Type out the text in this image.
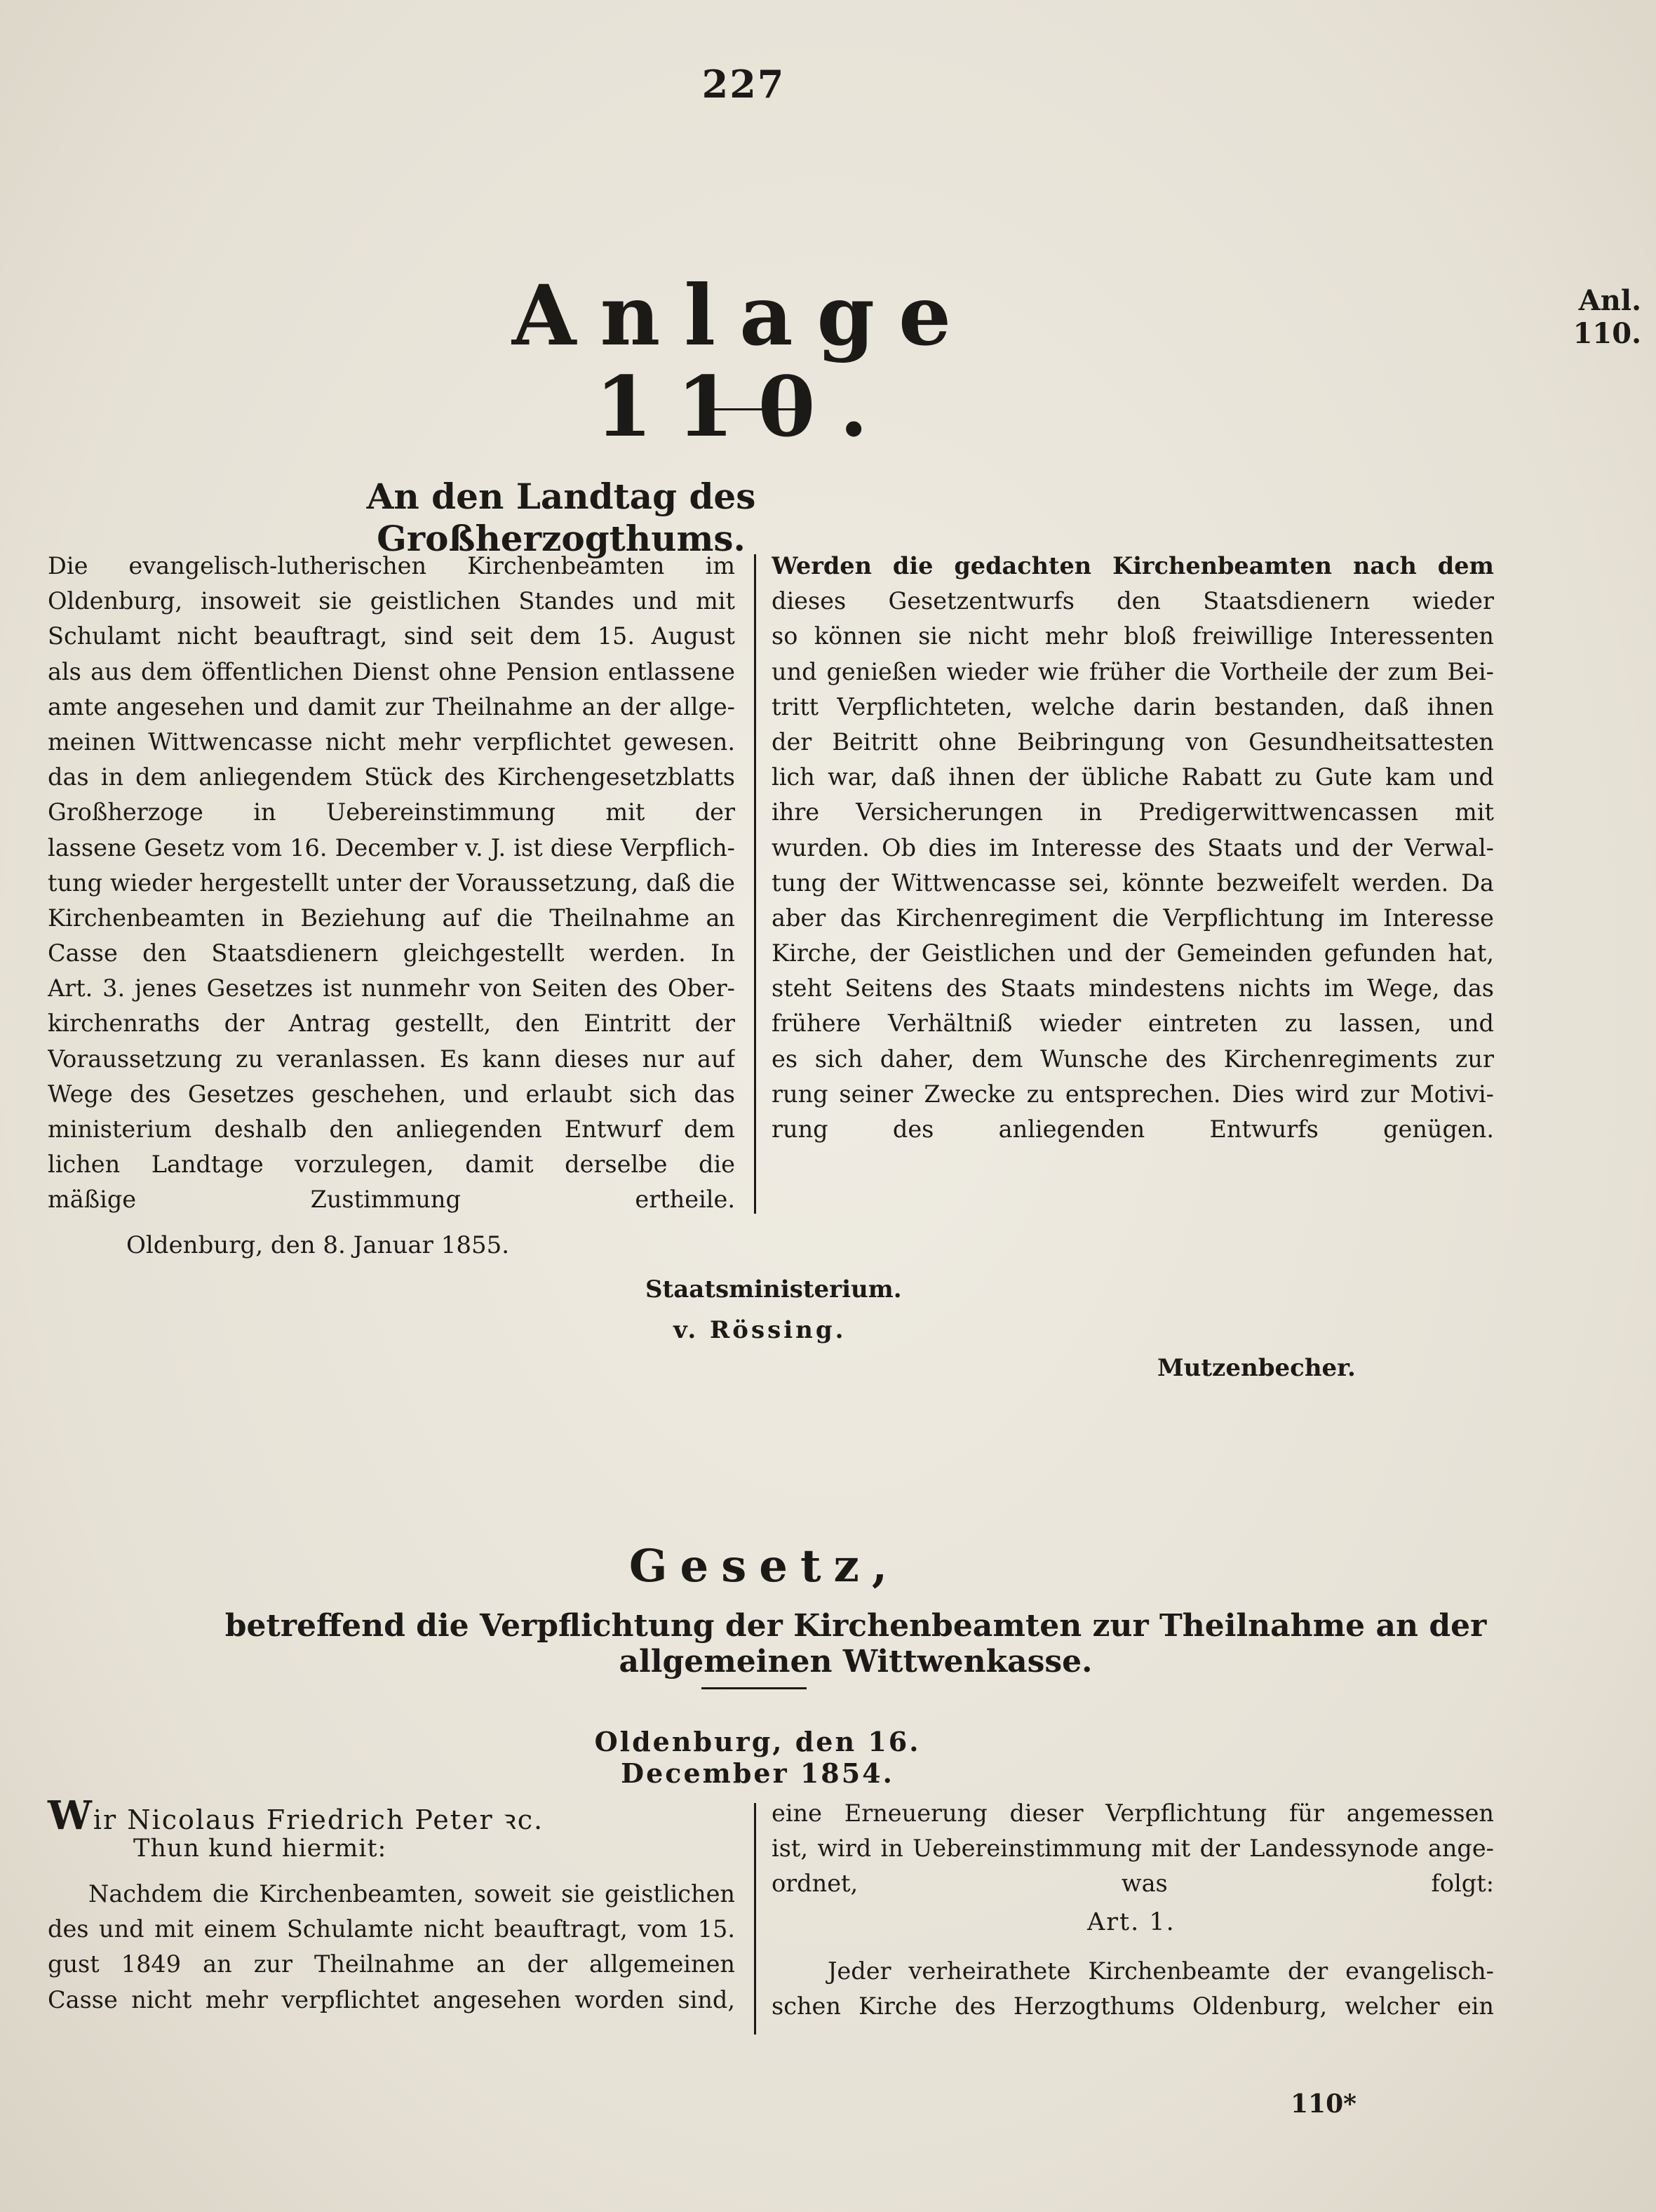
227
Anlage 110.
Anl. 110.
An den Landtag des Großherzogthums.
Die evangelisch-lutherischen Kirchenbeamten im
Oldenburg, insoweit sie geistlichen Standes und mit
Schulamt nicht beauftragt, sind seit dem 15. August
als aus dem öffentlichen Dienst ohne Pension entlassene
amte angesehen und damit zur Theilnahme an der allge-
meinen Wittwencasse nicht mehr verpflichtet gewesen.
das in dem anliegendem Stück des Kirchengesetzblatts
Großherzoge in Uebereinstimmung mit der
lassene Gesetz vom 16. December v. J. ist diese Verpflich-
tung wieder hergestellt unter der Voraussetzung, daß die
Kirchenbeamten in Beziehung auf die Theilnahme an
Casse den Staatsdienern gleichgestellt werden. In
Art. 3. jenes Gesetzes ist nunmehr von Seiten des Ober-
kirchenraths der Antrag gestellt, den Eintritt der
Voraussetzung zu veranlassen. Es kann dieses nur auf
Wege des Gesetzes geschehen, und erlaubt sich das
ministerium deshalb den anliegenden Entwurf dem
lichen Landtage vorzulegen, damit derselbe die
mäßige Zustimmung ertheile.
Werden die gedachten Kirchenbeamten nach dem
dieses Gesetzentwurfs den Staatsdienern wieder
so können sie nicht mehr bloß freiwillige Interessenten
und genießen wieder wie früher die Vortheile der zum Bei-
tritt Verpflichteten, welche darin bestanden, daß ihnen
der Beitritt ohne Beibringung von Gesundheitsattesten
lich war, daß ihnen der übliche Rabatt zu Gute kam und
ihre Versicherungen in Predigerwittwencassen mit
wurden. Ob dies im Interesse des Staats und der Verwal-
tung der Wittwencasse sei, könnte bezweifelt werden. Da
aber das Kirchenregiment die Verpflichtung im Interesse
Kirche, der Geistlichen und der Gemeinden gefunden hat,
steht Seitens des Staats mindestens nichts im Wege, das
frühere Verhältniß wieder eintreten zu lassen, und
es sich daher, dem Wunsche des Kirchenregiments zur
rung seiner Zwecke zu entsprechen. Dies wird zur Motivi-
rung des anliegenden Entwurfs genügen.
Oldenburg, den 8. Januar 1855.
Staatsministerium.
v. Rössing.
Mutzenbecher.
Gesetz,
betreffend die Verpflichtung der Kirchenbeamten zur Theilnahme an der allgemeinen Wittwenkasse.
Oldenburg, den 16. December 1854.
Wir Nicolaus Friedrich Peter ꝛc.
Thun kund hiermit:
Nachdem die Kirchenbeamten, soweit sie geistlichen
des und mit einem Schulamte nicht beauftragt, vom 15.
gust 1849 an zur Theilnahme an der allgemeinen
Casse nicht mehr verpflichtet angesehen worden sind,
eine Erneuerung dieser Verpflichtung für angemessen
ist, wird in Uebereinstimmung mit der Landessynode ange-
ordnet, was folgt:
Art. 1.
Jeder verheirathete Kirchenbeamte der evangelisch-
schen Kirche des Herzogthums Oldenburg, welcher ein
110*
